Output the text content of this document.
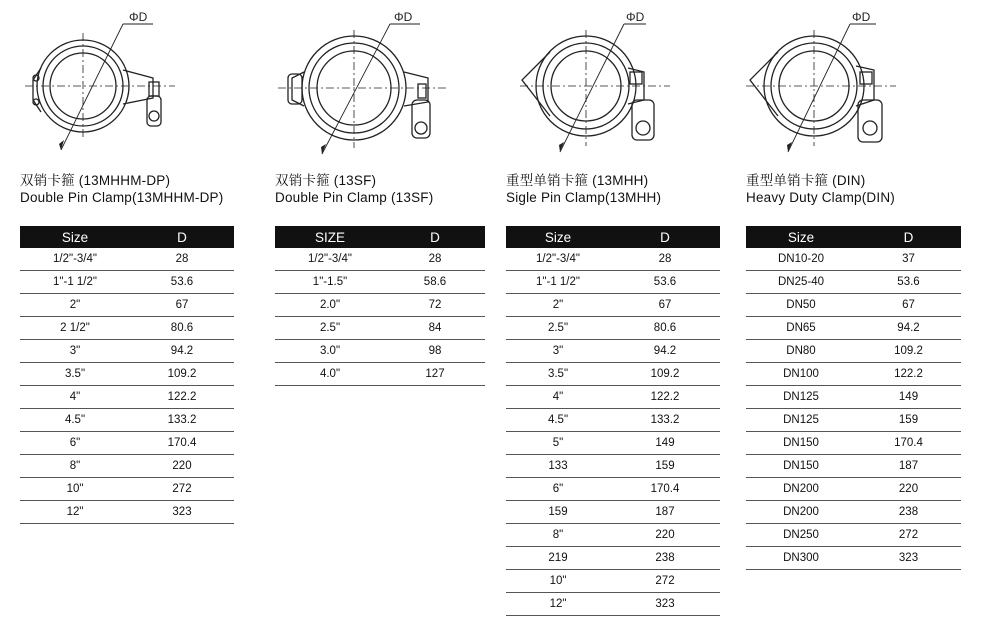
ΦD
双销卡箍 (13MHHM-DP)
Double Pin Clamp(13MHHM-DP)
Size	D
1/2"-3/4"	28
1"-1 1/2"	53.6
2"	67
2 1/2"	80.6
3"	94.2
3.5"	109.2
4"	122.2
4.5"	133.2
6"	170.4
8"	220
10"	272
12"	323
ΦD
双销卡箍 (13SF)
Double Pin Clamp (13SF)
SIZE	D
1/2"-3/4"	28
1"-1.5"	58.6
2.0"	72
2.5"	84
3.0"	98
4.0"	127
ΦD
重型单销卡箍 (13MHH)
Sigle Pin Clamp(13MHH)
Size	D
1/2"-3/4"	28
1"-1 1/2"	53.6
2"	67
2.5"	80.6
3"	94.2
3.5"	109.2
4"	122.2
4.5"	133.2
5"	149
133	159
6"	170.4
159	187
8"	220
219	238
10"	272
12"	323
ΦD
重型单销卡箍 (DIN)
Heavy Duty Clamp(DIN)
Size	D
DN10-20	37
DN25-40	53.6
DN50	67
DN65	94.2
DN80	109.2
DN100	122.2
DN125	149
DN125	159
DN150	170.4
DN150	187
DN200	220
DN200	238
DN250	272
DN300	323
